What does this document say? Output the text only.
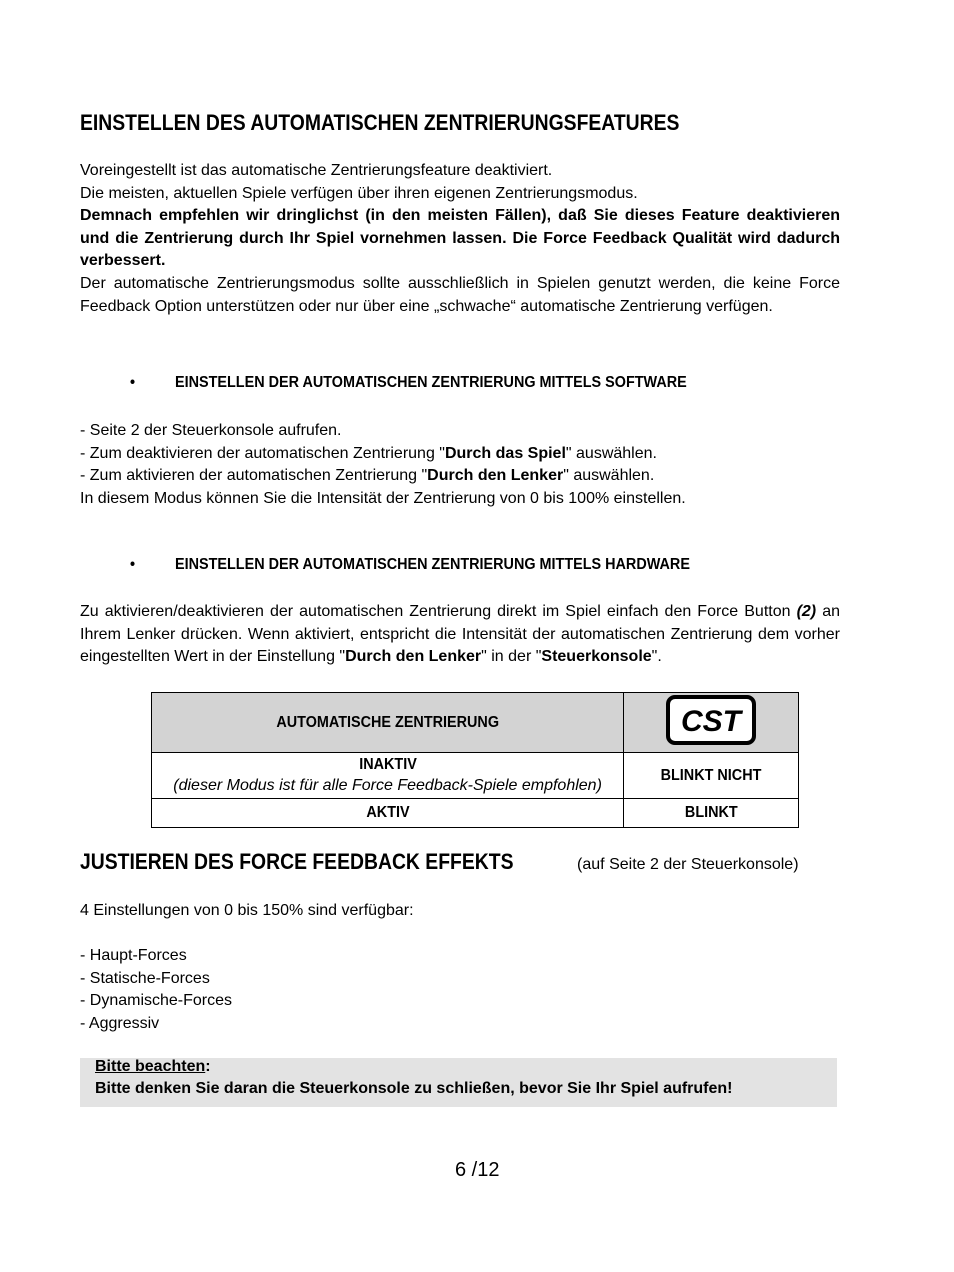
EINSTELLEN DES AUTOMATISCHEN ZENTRIERUNGSFEATURES
Voreingestellt ist das automatische Zentrierungsfeature deaktiviert.
Die meisten, aktuellen Spiele verfügen über ihren eigenen Zentrierungsmodus.
Demnach empfehlen wir dringlichst (in den meisten Fällen), daß Sie dieses Feature deaktivieren und die Zentrierung durch Ihr Spiel vornehmen lassen. Die Force Feedback Qualität wird dadurch verbessert.
Der automatische Zentrierungsmodus sollte ausschließlich in Spielen genutzt werden, die keine Force Feedback Option unterstützen oder nur über eine „schwache“ automatische Zentrierung verfügen.
• EINSTELLEN DER AUTOMATISCHEN ZENTRIERUNG MITTELS SOFTWARE
- Seite 2 der Steuerkonsole aufrufen.
- Zum deaktivieren der automatischen Zentrierung "Durch das Spiel" auswählen.
- Zum aktivieren der automatischen Zentrierung "Durch den Lenker" auswählen.
In diesem Modus können Sie die Intensität der Zentrierung von 0 bis 100% einstellen.
• EINSTELLEN DER AUTOMATISCHEN ZENTRIERUNG MITTELS HARDWARE
Zu aktivieren/deaktivieren der automatischen Zentrierung direkt im Spiel einfach den Force Button (2) an Ihrem Lenker drücken. Wenn aktiviert, entspricht die Intensität der automatischen Zentrierung dem vorher eingestellten Wert in der Einstellung "Durch den Lenker" in der "Steuerkonsole".
AUTOMATISCHE ZENTRIERUNG	CST

INAKTIV
(dieser Modus ist für alle Force Feedback-Spiele empfohlen)	BLINKT NICHT
AKTIV	BLINKT
JUSTIEREN DES FORCE FEEDBACK EFFEKTS	(auf Seite 2 der Steuerkonsole)
4 Einstellungen von 0 bis 150% sind verfügbar:
- Haupt-Forces
- Statische-Forces
- Dynamische-Forces
- Aggressiv
Bitte beachten:
Bitte denken Sie daran die Steuerkonsole zu schließen, bevor Sie Ihr Spiel aufrufen!
6 /12
